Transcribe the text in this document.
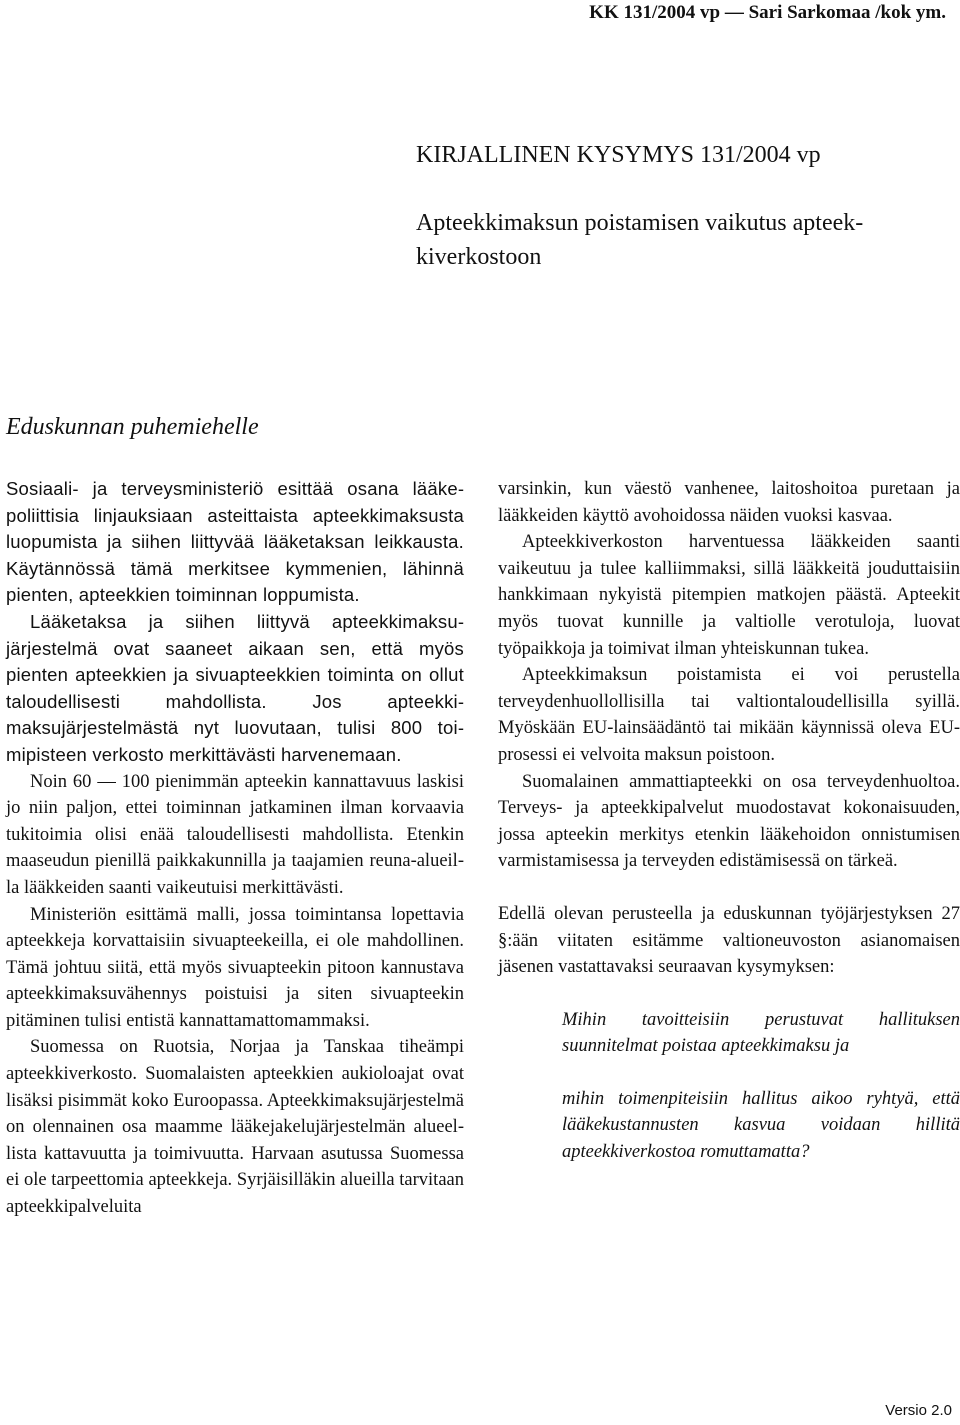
KK 131/2004 vp — Sari Sarkomaa /kok ym.
KIRJALLINEN KYSYMYS 131/2004 vp
Apteekkimaksun poistamisen vaikutus apteekkiverkostoon
Eduskunnan puhemiehelle

Sosiaali- ja terveysministeriö esittää osana lääkepoliittisia linjauksiaan asteittaista apteekkimaksusta luopumista ja siihen liittyvää lääketaksan leikkausta. Käytännössä tämä merkitsee kymmenien, lähinnä pienten, apteekkien toiminnan loppumista.

Lääketaksa ja siihen liittyvä apteekkimaksujärjestelmä ovat saaneet aikaan sen, että myös pienten apteekkien ja sivuapteekkien toiminta on ollut taloudellisesti mahdollista. Jos apteekkimaksujärjestelmästä nyt luovutaan, tulisi 800 toimipisteen verkosto merkittävästi harvenemaan.

Noin 60 — 100 pienimmän apteekin kannattavuus laskisi jo niin paljon, ettei toiminnan jatkaminen ilman korvaavia tukitoimia olisi enää taloudellisesti mahdollista. Etenkin maaseudun pienillä paikkakunnilla ja taajamien reuna-alueilla lääkkeiden saanti vaikeutuisi merkittävästi.

Ministeriön esittämä malli, jossa toimintansa lopettavia apteekkeja korvattaisiin sivuapteekeilla, ei ole mahdollinen. Tämä johtuu siitä, että myös sivuapteekin pitoon kannustava apteekkimaksuvähennys poistuisi ja siten sivuapteekin pitäminen tulisi entistä kannattamattomammaksi.

Suomessa on Ruotsia, Norjaa ja Tanskaa tiheämpi apteekkiverkosto. Suomalaisten apteekkien aukioloajat ovat lisäksi pisimmät koko Euroopassa. Apteekkimaksujärjestelmä on olennainen osa maamme lääkejakelujärjestelmän alueellista kattavuutta ja toimivuutta. Harvaan asutussa Suomessa ei ole tarpeettomia apteekkeja. Syrjäisilläkin alueilla tarvitaan apteekkipalveluita

varsinkin, kun väestö vanhenee, laitoshoitoa puretaan ja lääkkeiden käyttö avohoidossa näiden vuoksi kasvaa.

Apteekkiverkoston harventuessa lääkkeiden saanti vaikeutuu ja tulee kalliimmaksi, sillä lääkkeitä jouduttaisiin hankkimaan nykyistä pitempien matkojen päästä. Apteekit myös tuovat kunnille ja valtiolle verotuloja, luovat työpaikkoja ja toimivat ilman yhteiskunnan tukea.

Apteekkimaksun poistamista ei voi perustella terveydenhuollollisilla tai valtiontaloudellisilla syillä. Myöskään EU-lainsäädäntö tai mikään käynnissä oleva EU-prosessi ei velvoita maksun poistoon.

Suomalainen ammattiapteekki on osa terveydenhuoltoa. Terveys- ja apteekkipalvelut muodostavat kokonaisuuden, jossa apteekin merkitys etenkin lääkehoidon onnistumisen varmistamisessa ja terveyden edistämisessä on tärkeä.

Edellä olevan perusteella ja eduskunnan työjärjestyksen 27 §:ään viitaten esitämme valtioneuvoston asianomaisen jäsenen vastattavaksi seuraavan kysymyksen:

Mihin tavoitteisiin perustuvat hallituksen suunnitelmat poistaa apteekkimaksu ja

mihin toimenpiteisiin hallitus aikoo ryhtyä, että lääkekustannusten kasvua voidaan hillitä apteekkiverkostoa romuttamatta?

Versio 2.0
